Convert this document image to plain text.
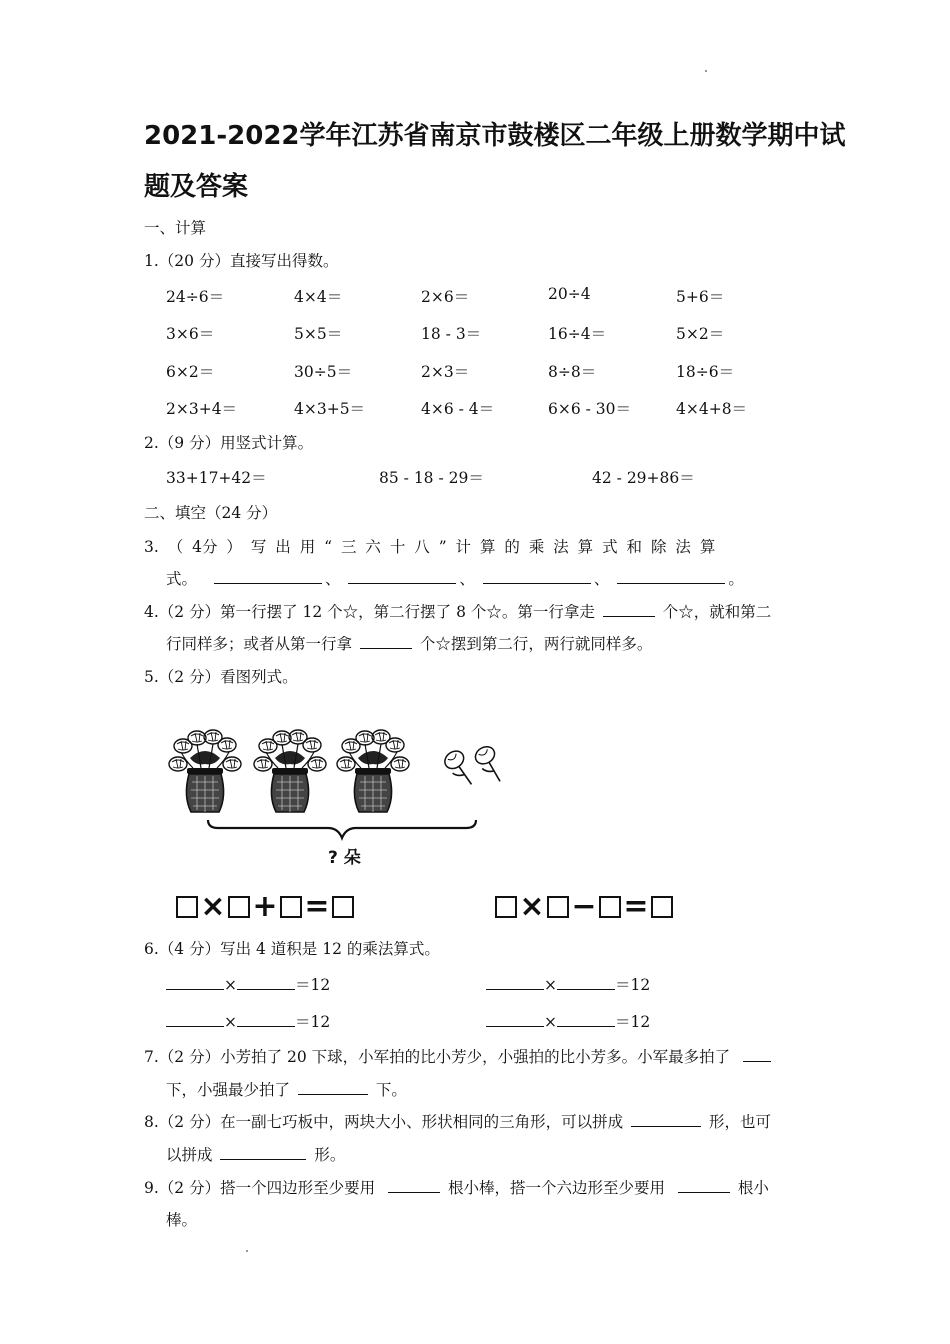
2021-2022学年江苏省南京市鼓楼区二年级上册数学期中试
题及答案
一、计算
1.（20 分）直接写出得数。
24÷6＝	4×4＝	2×6＝	20÷4	5+6＝
3×6＝	5×5＝	18 - 3＝	16÷4＝	5×2＝
6×2＝	30÷5＝	2×3＝	8÷8＝	18÷6＝
2×3+4＝	4×3+5＝	4×6 - 4＝	6×6 - 30＝	4×4+8＝
2.（9 分）用竖式计算。
33+17+42＝	85 - 18 - 29＝	42 - 29+86＝
二、填空（24 分）
3. （ 4分 ） 写 出 用 “ 三 六 十 八 ” 计 算 的 乘 法 算 式 和 除 法 算
式。	、	、	、	。
4.（2 分）第一行摆了 12 个☆，第二行摆了 8 个☆。第一行拿走	个☆，就和第二
行同样多；或者从第一行拿	个☆摆到第二行，两行就同样多。
5.（2 分）看图列式。
? 朵
× + =	× − =
6.（4 分）写出 4 道积是 12 的乘法算式。
×	＝12	×	＝12
×	＝12	×	＝12
7.（2 分）小芳拍了 20 下球，小军拍的比小芳少，小强拍的比小芳多。小军最多拍了
下，小强最少拍了	下。
8.（2 分）在一副七巧板中，两块大小、形状相同的三角形，可以拼成	形，也可
以拼成	形。
9.（2 分）搭一个四边形至少要用	根小棒，搭一个六边形至少要用	根小
棒。
